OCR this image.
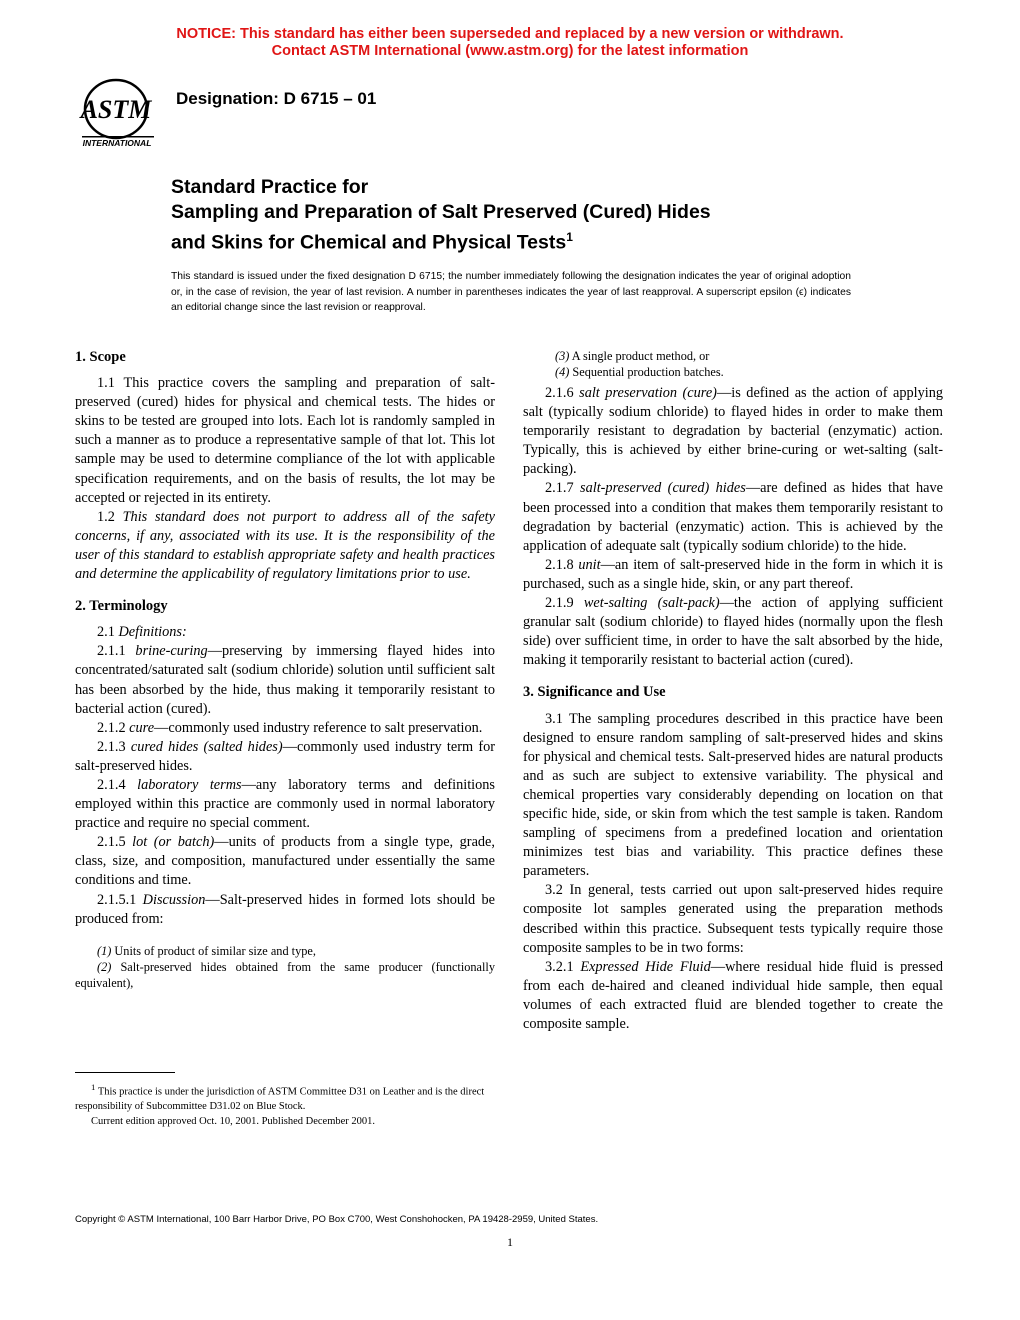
NOTICE: This standard has either been superseded and replaced by a new version or withdrawn.
Contact ASTM International (www.astm.org) for the latest information
ASTM
INTERNATIONAL
Designation: D 6715 – 01
Standard Practice for
Sampling and Preparation of Salt Preserved (Cured) Hides
and Skins for Chemical and Physical Tests$^1$
This standard is issued under the fixed designation D 6715; the number immediately following the designation indicates the year of original adoption or, in the case of revision, the year of last revision. A number in parentheses indicates the year of last reapproval. A superscript epsilon (ϵ) indicates an editorial change since the last revision or reapproval.
1. Scope

1.1 This practice covers the sampling and preparation of salt-preserved (cured) hides for physical and chemical tests. The hides or skins to be tested are grouped into lots. Each lot is randomly sampled in such a manner as to produce a representative sample of that lot. This lot sample may be used to determine compliance of the lot with applicable specification requirements, and on the basis of results, the lot may be accepted or rejected in its entirety.

1.2 This standard does not purport to address all of the safety concerns, if any, associated with its use. It is the responsibility of the user of this standard to establish appropriate safety and health practices and determine the applicability of regulatory limitations prior to use.

2. Terminology

2.1 Definitions:

2.1.1 brine-curing—preserving by immersing flayed hides into concentrated/saturated salt (sodium chloride) solution until sufficient salt has been absorbed by the hide, thus making it temporarily resistant to bacterial action (cured).

2.1.2 cure—commonly used industry reference to salt preservation.

2.1.3 cured hides (salted hides)—commonly used industry term for salt-preserved hides.

2.1.4 laboratory terms—any laboratory terms and definitions employed within this practice are commonly used in normal laboratory practice and require no special comment.

2.1.5 lot (or batch)—units of products from a single type, grade, class, size, and composition, manufactured under essentially the same conditions and time.

2.1.5.1 Discussion—Salt-preserved hides in formed lots should be produced from:

(1) Units of product of similar size and type,

(2) Salt-preserved hides obtained from the same producer (functionally equivalent),

$^1$ This practice is under the jurisdiction of ASTM Committee D31 on Leather and is the direct responsibility of Subcommittee D31.02 on Blue Stock.

Current edition approved Oct. 10, 2001. Published December 2001.

(3) A single product method, or

(4) Sequential production batches.

2.1.6 salt preservation (cure)—is defined as the action of applying salt (typically sodium chloride) to flayed hides in order to make them temporarily resistant to degradation by bacterial (enzymatic) action. Typically, this is achieved by either brine-curing or wet-salting (salt-packing).

2.1.7 salt-preserved (cured) hides—are defined as hides that have been processed into a condition that makes them temporarily resistant to degradation by bacterial (enzymatic) action. This is achieved by the application of adequate salt (typically sodium chloride) to the hide.

2.1.8 unit—an item of salt-preserved hide in the form in which it is purchased, such as a single hide, skin, or any part thereof.

2.1.9 wet-salting (salt-pack)—the action of applying sufficient granular salt (sodium chloride) to flayed hides (normally upon the flesh side) over sufficient time, in order to have the salt absorbed by the hide, making it temporarily resistant to bacterial action (cured).

3. Significance and Use

3.1 The sampling procedures described in this practice have been designed to ensure random sampling of salt-preserved hides and skins for physical and chemical tests. Salt-preserved hides are natural products and as such are subject to extensive variability. The physical and chemical properties vary considerably depending on location on that specific hide, side, or skin from which the test sample is taken. Random sampling of specimens from a predefined location and orientation minimizes test bias and variability. This practice defines these parameters.

3.2 In general, tests carried out upon salt-preserved hides require composite lot samples generated using the preparation methods described within this practice. Subsequent tests typically require those composite samples to be in two forms:

3.2.1 Expressed Hide Fluid—where residual hide fluid is pressed from each de-haired and cleaned individual hide sample, then equal volumes of each extracted fluid are blended together to create the composite sample.

Copyright © ASTM International, 100 Barr Harbor Drive, PO Box C700, West Conshohocken, PA 19428-2959, United States.
1
